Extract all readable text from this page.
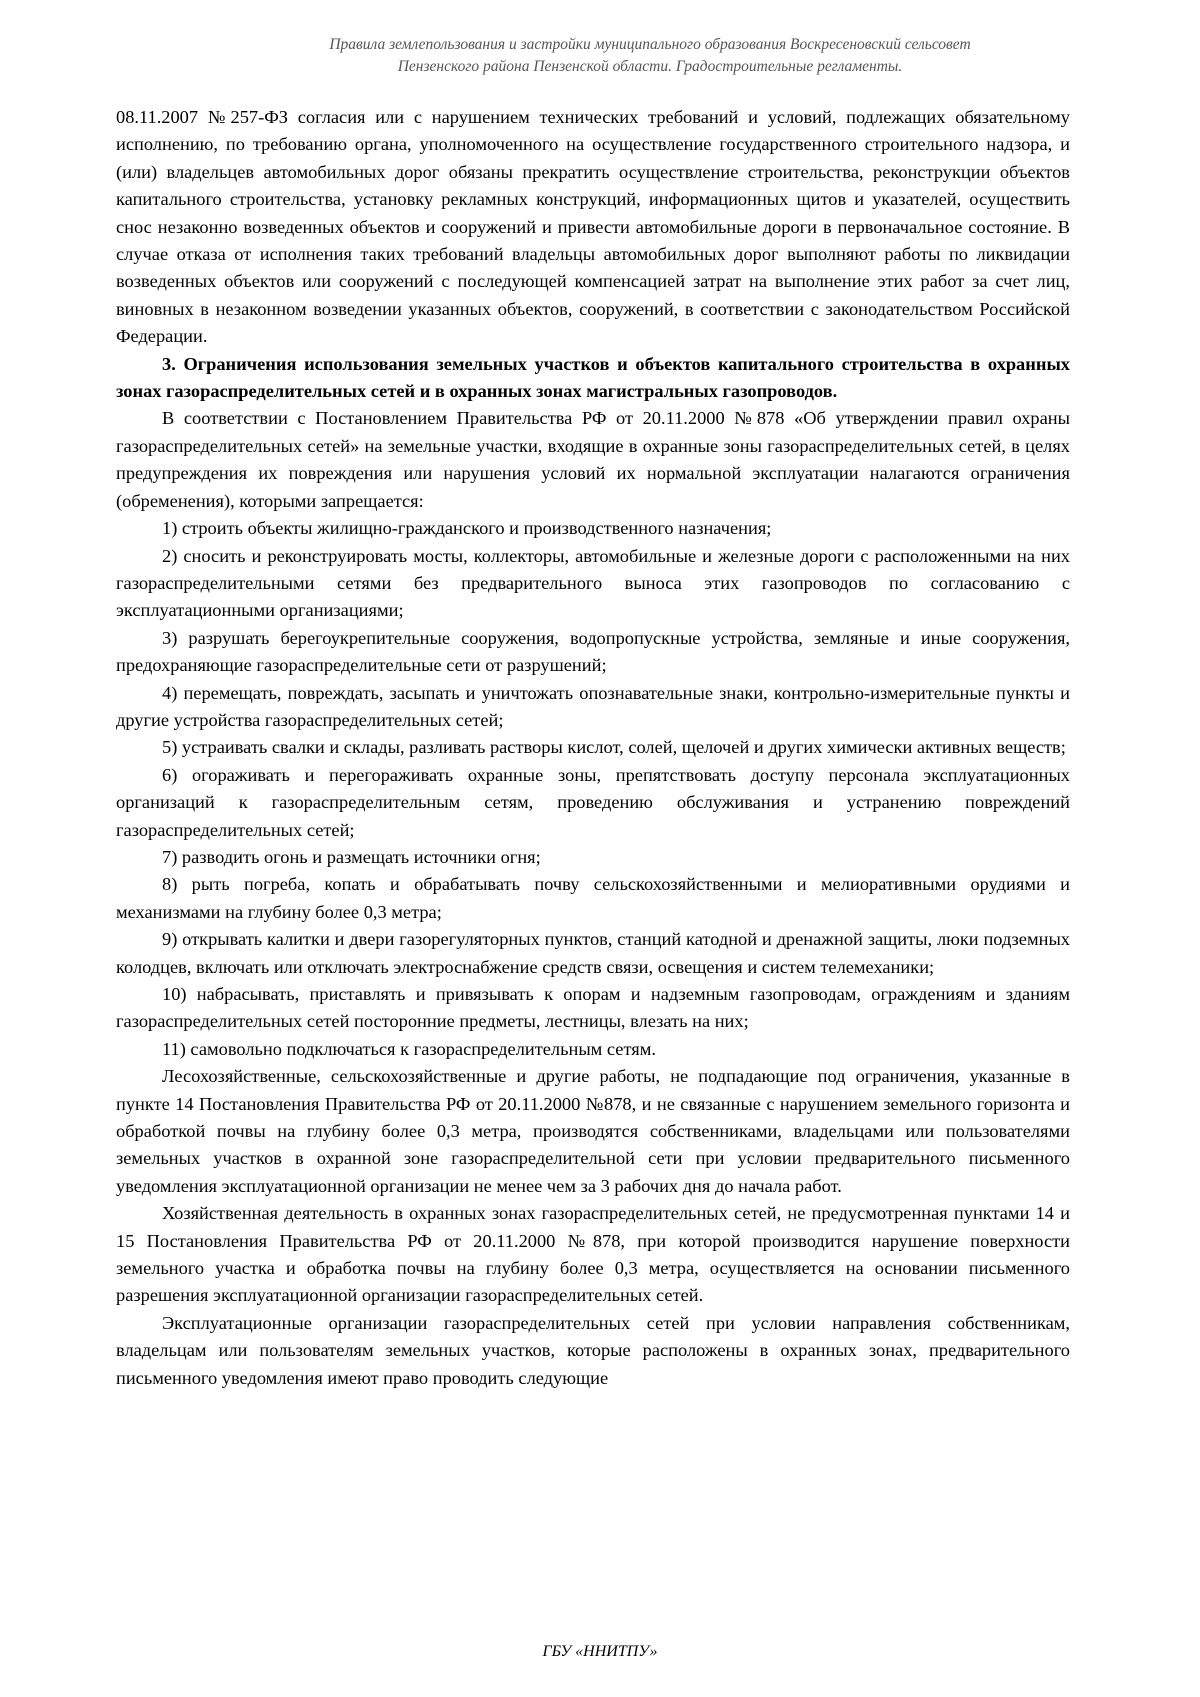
Правила землепользования и застройки муниципального образования Воскресеновский сельсовет
Пензенского района Пензенской области. Градостроительные регламенты.

08.11.2007 №257-ФЗ согласия или с нарушением технических требований и условий, подлежащих обязательному исполнению, по требованию органа, уполномоченного на осуществление государственного строительного надзора, и (или) владельцев автомобильных дорог обязаны прекратить осуществление строительства, реконструкции объектов капитального строительства, установку рекламных конструкций, информационных щитов и указателей, осуществить снос незаконно возведенных объектов и сооружений и привести автомобильные дороги в первоначальное состояние. В случае отказа от исполнения таких требований владельцы автомобильных дорог выполняют работы по ликвидации возведенных объектов или сооружений с последующей компенсацией затрат на выполнение этих работ за счет лиц, виновных в незаконном возведении указанных объектов, сооружений, в соответствии с законодательством Российской Федерации.

3. Ограничения использования земельных участков и объектов капитального строительства в охранных зонах газораспределительных сетей и в охранных зонах магистральных газопроводов.

В соответствии с Постановлением Правительства РФ от 20.11.2000 №878 «Об утверждении правил охраны газораспределительных сетей» на земельные участки, входящие в охранные зоны газораспределительных сетей, в целях предупреждения их повреждения или нарушения условий их нормальной эксплуатации налагаются ограничения (обременения), которыми запрещается:

1) строить объекты жилищно-гражданского и производственного назначения;

2) сносить и реконструировать мосты, коллекторы, автомобильные и железные дороги с расположенными на них газораспределительными сетями без предварительного выноса этих газопроводов по согласованию с эксплуатационными организациями;

3) разрушать берегоукрепительные сооружения, водопропускные устройства, земляные и иные сооружения, предохраняющие газораспределительные сети от разрушений;

4) перемещать, повреждать, засыпать и уничтожать опознавательные знаки, контрольно-измерительные пункты и другие устройства газораспределительных сетей;

5) устраивать свалки и склады, разливать растворы кислот, солей, щелочей и других химически активных веществ;

6) огораживать и перегораживать охранные зоны, препятствовать доступу персонала эксплуатационных организаций к газораспределительным сетям, проведению обслуживания и устранению повреждений газораспределительных сетей;

7) разводить огонь и размещать источники огня;

8) рыть погреба, копать и обрабатывать почву сельскохозяйственными и мелиоративными орудиями и механизмами на глубину более 0,3 метра;

9) открывать калитки и двери газорегуляторных пунктов, станций катодной и дренажной защиты, люки подземных колодцев, включать или отключать электроснабжение средств связи, освещения и систем телемеханики;

10) набрасывать, приставлять и привязывать к опорам и надземным газопроводам, ограждениям и зданиям газораспределительных сетей посторонние предметы, лестницы, влезать на них;

11) самовольно подключаться к газораспределительным сетям.

Лесохозяйственные, сельскохозяйственные и другие работы, не подпадающие под ограничения, указанные в пункте 14 Постановления Правительства РФ от 20.11.2000 №878, и не связанные с нарушением земельного горизонта и обработкой почвы на глубину более 0,3 метра, производятся собственниками, владельцами или пользователями земельных участков в охранной зоне газораспределительной сети при условии предварительного письменного уведомления эксплуатационной организации не менее чем за 3 рабочих дня до начала работ.

Хозяйственная деятельность в охранных зонах газораспределительных сетей, не предусмотренная пунктами 14 и 15 Постановления Правительства РФ от 20.11.2000 №878, при которой производится нарушение поверхности земельного участка и обработка почвы на глубину более 0,3 метра, осуществляется на основании письменного разрешения эксплуатационной организации газораспределительных сетей.

Эксплуатационные организации газораспределительных сетей при условии направления собственникам, владельцам или пользователям земельных участков, которые расположены в охранных зонах, предварительного письменного уведомления имеют право проводить следующие

ГБУ «ННИТПУ»
